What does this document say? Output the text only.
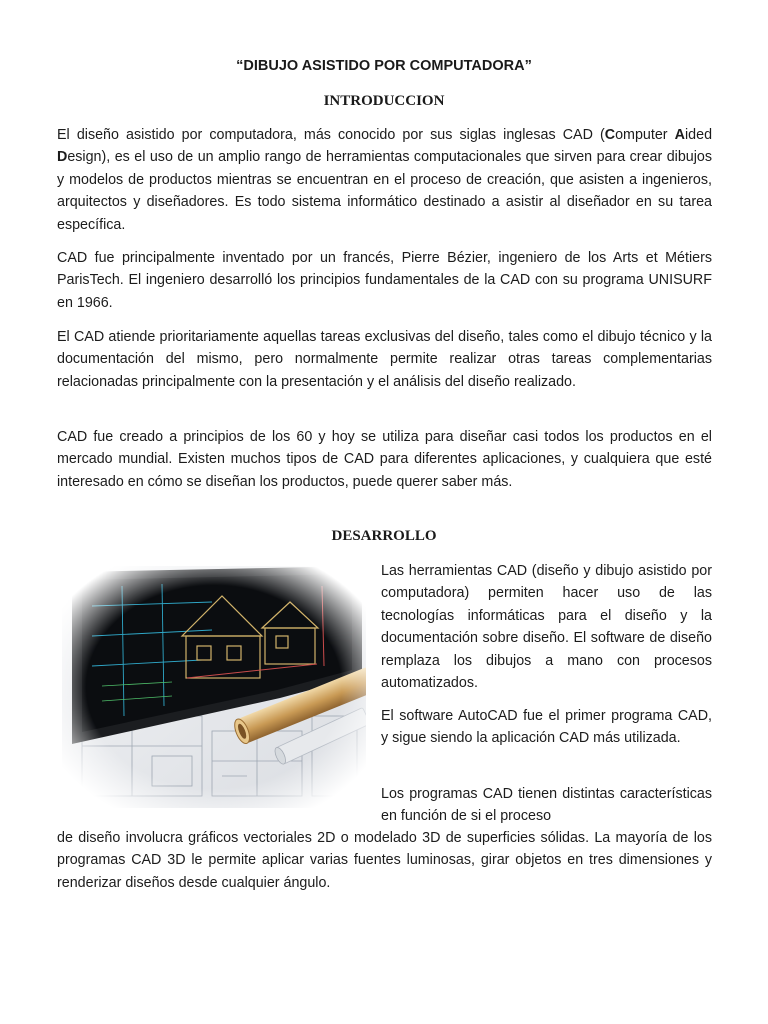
“DIBUJO ASISTIDO POR COMPUTADORA”
INTRODUCCION
El diseño asistido por computadora, más conocido por sus siglas inglesas CAD (Computer Aided Design), es el uso de un amplio rango de herramientas computacionales que sirven para crear dibujos y modelos de productos mientras se encuentran en el proceso de creación, que asisten a ingenieros, arquitectos y diseñadores. Es todo sistema informático destinado a asistir al diseñador en su tarea específica.
CAD fue principalmente inventado por un francés, Pierre Bézier, ingeniero de los Arts et Métiers ParisTech. El ingeniero desarrolló los principios fundamentales de la CAD con su programa UNISURF en 1966.
El CAD atiende prioritariamente aquellas tareas exclusivas del diseño, tales como el dibujo técnico y la documentación del mismo, pero normalmente permite realizar otras tareas complementarias relacionadas principalmente con la presentación y el análisis del diseño realizado.
CAD fue creado a principios de los 60 y hoy se utiliza para diseñar casi todos los productos en el mercado mundial. Existen muchos tipos de CAD para diferentes aplicaciones, y cualquiera que esté interesado en cómo se diseñan los productos, puede querer saber más.
DESARROLLO
Las herramientas CAD (diseño y dibujo asistido por computadora) permiten hacer uso de las tecnologías informáticas para el diseño y la documentación sobre diseño. El software de diseño remplaza los dibujos a mano con procesos automatizados.
El software AutoCAD fue el primer programa CAD, y sigue siendo la aplicación CAD más utilizada.
Los programas CAD tienen distintas características en función de si el proceso
de diseño involucra gráficos vectoriales 2D o modelado 3D de superficies sólidas. La mayoría de los programas CAD 3D le permite aplicar varias fuentes luminosas, girar objetos en tres dimensiones y renderizar diseños desde cualquier ángulo.
